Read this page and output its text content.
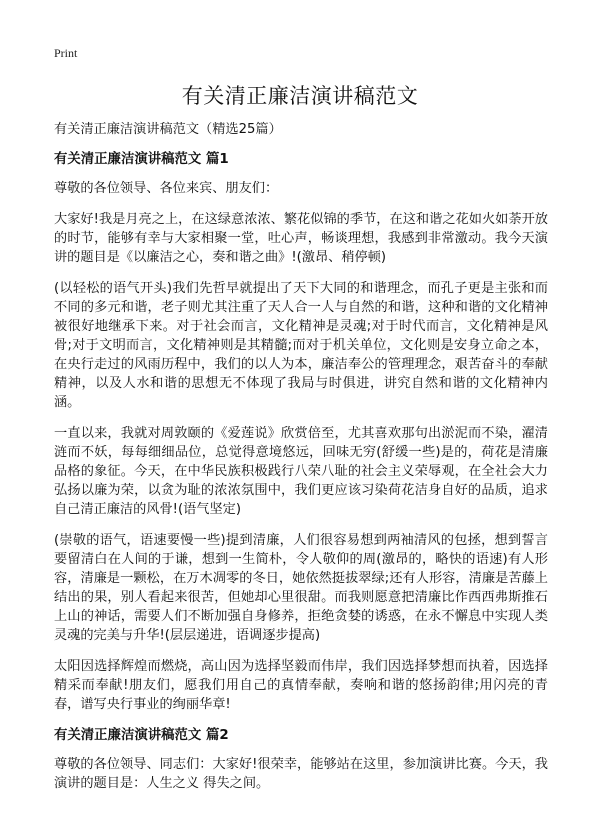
Print
有关清正廉洁演讲稿范文

有关清正廉洁演讲稿范文（精选25篇）

有关清正廉洁演讲稿范文 篇1

尊敬的各位领导、各位来宾、朋友们：

大家好!我是月亮之上，在这绿意浓浓、繁花似锦的季节，在这和谐之花如火如荼开放的时节，能够有幸与大家相聚一堂，吐心声，畅谈理想，我感到非常激动。我今天演讲的题目是《以廉洁之心，奏和谐之曲》!(激昂、稍停顿)

(以轻松的语气开头)我们先哲早就提出了天下大同的和谐理念，而孔子更是主张和而不同的多元和谐，老子则尤其注重了天人合一人与自然的和谐，这种和谐的文化精神被很好地继承下来。对于社会而言，文化精神是灵魂;对于时代而言，文化精神是风骨;对于文明而言，文化精神则是其精髓;而对于机关单位，文化则是安身立命之本，在央行走过的风雨历程中，我们的以人为本，廉洁奉公的管理理念，艰苦奋斗的奉献精神，以及人水和谐的思想无不体现了我局与时俱进，讲究自然和谐的文化精神内涵。

一直以来，我就对周敦颐的《爱莲说》欣赏倍至，尤其喜欢那句出淤泥而不染，濯清涟而不妖，每每细细品位，总觉得意境悠远，回味无穷(舒缓一些)是的，荷花是清廉品格的象征。今天，在中华民族积极践行八荣八耻的社会主义荣辱观，在全社会大力弘扬以廉为荣，以贪为耻的浓浓氛围中，我们更应该习染荷花洁身自好的品质，追求自己清正廉洁的风骨!(语气坚定)

(崇敬的语气，语速要慢一些)提到清廉，人们很容易想到两袖清风的包拯，想到誓言要留清白在人间的于谦，想到一生简朴，令人敬仰的周(激昂的，略快的语速)有人形容，清廉是一颗松，在万木凋零的冬日，她依然挺拔翠绿;还有人形容，清廉是苦藤上结出的果，别人看起来很苦，但她却心里很甜。而我则愿意把清廉比作西西弗斯推石上山的神话，需要人们不断加强自身修养，拒绝贪婪的诱惑，在永不懈息中实现人类灵魂的完美与升华!(层层递进，语调逐步提高)

太阳因选择辉煌而燃烧，高山因为选择坚毅而伟岸，我们因选择梦想而执着，因选择精采而奉献!朋友们，愿我们用自己的真情奉献，奏响和谐的悠扬韵律;用闪亮的青春，谱写央行事业的绚丽华章!

有关清正廉洁演讲稿范文 篇2

尊敬的各位领导、同志们：大家好!很荣幸，能够站在这里，参加演讲比赛。今天，我演讲的题目是：人生之义 得失之间。
